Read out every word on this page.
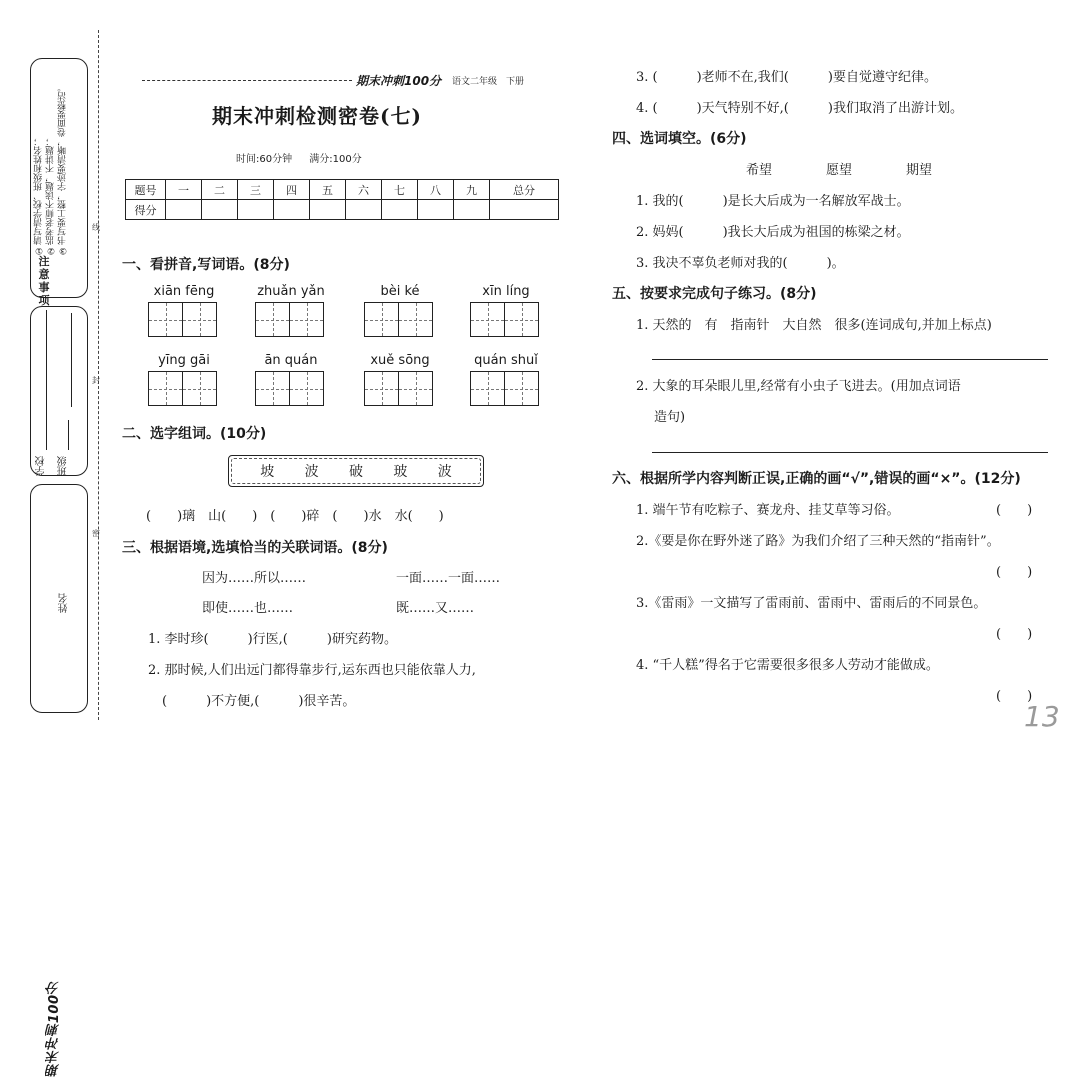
①请写清学校、班级和姓名； ②监考老师不读题，不讲题； ③书写要工整，字迹要清晰，卷面要整洁。
注意事项
姓名
期末冲刺100分
学校 班级
线
封
密
期末冲刺100分 语文二年级　下册
期末冲刺检测密卷(七)
时间:60分钟 满分:100分
题号	一	二	三	四	五	六	七	八	九	总分
得分										
一、看拼音,写词语。(8分)
xiān fēng	zhuǎn yǎn	bèi ké	xīn líng
yīng gāi	ān quán	xuě sōng	quán shuǐ
二、选字组词。(10分)
坡 波 破 玻 波
(　　)璃　山(　　)　(　　)碎　(　　)水　水(　　)
三、根据语境,选填恰当的关联词语。(8分)
因为……所以……	一面……一面……
即使……也……	既……又……
1. 李时珍(　　　)行医,(　　　)研究药物。
2. 那时候,人们出远门都得靠步行,运东西也只能依靠人力,
(　　　)不方便,(　　　)很辛苦。
3. (　　　)老师不在,我们(　　　)要自觉遵守纪律。
4. (　　　)天气特别不好,(　　　)我们取消了出游计划。
四、选词填空。(6分)
希望	愿望	期望
1. 我的(　　　)是长大后成为一名解放军战士。
2. 妈妈(　　　)我长大后成为祖国的栋梁之材。
3. 我决不辜负老师对我的(　　　)。
五、按要求完成句子练习。(8分)
1. 天然的　有　指南针　大自然　很多(连词成句,并加上标点)
2. 大象的耳朵眼儿里,经常有小虫子飞进去。(用加点词语
造句)
六、根据所学内容判断正误,正确的画“√”,错误的画“×”。(12分)
1. 端午节有吃粽子、赛龙舟、挂艾草等习俗。	(　　)
2.《要是你在野外迷了路》为我们介绍了三种天然的“指南针”。
(　　)
3.《雷雨》一文描写了雷雨前、雷雨中、雷雨后的不同景色。
(　　)
4. “千人糕”得名于它需要很多很多人劳动才能做成。
(　　)
13
